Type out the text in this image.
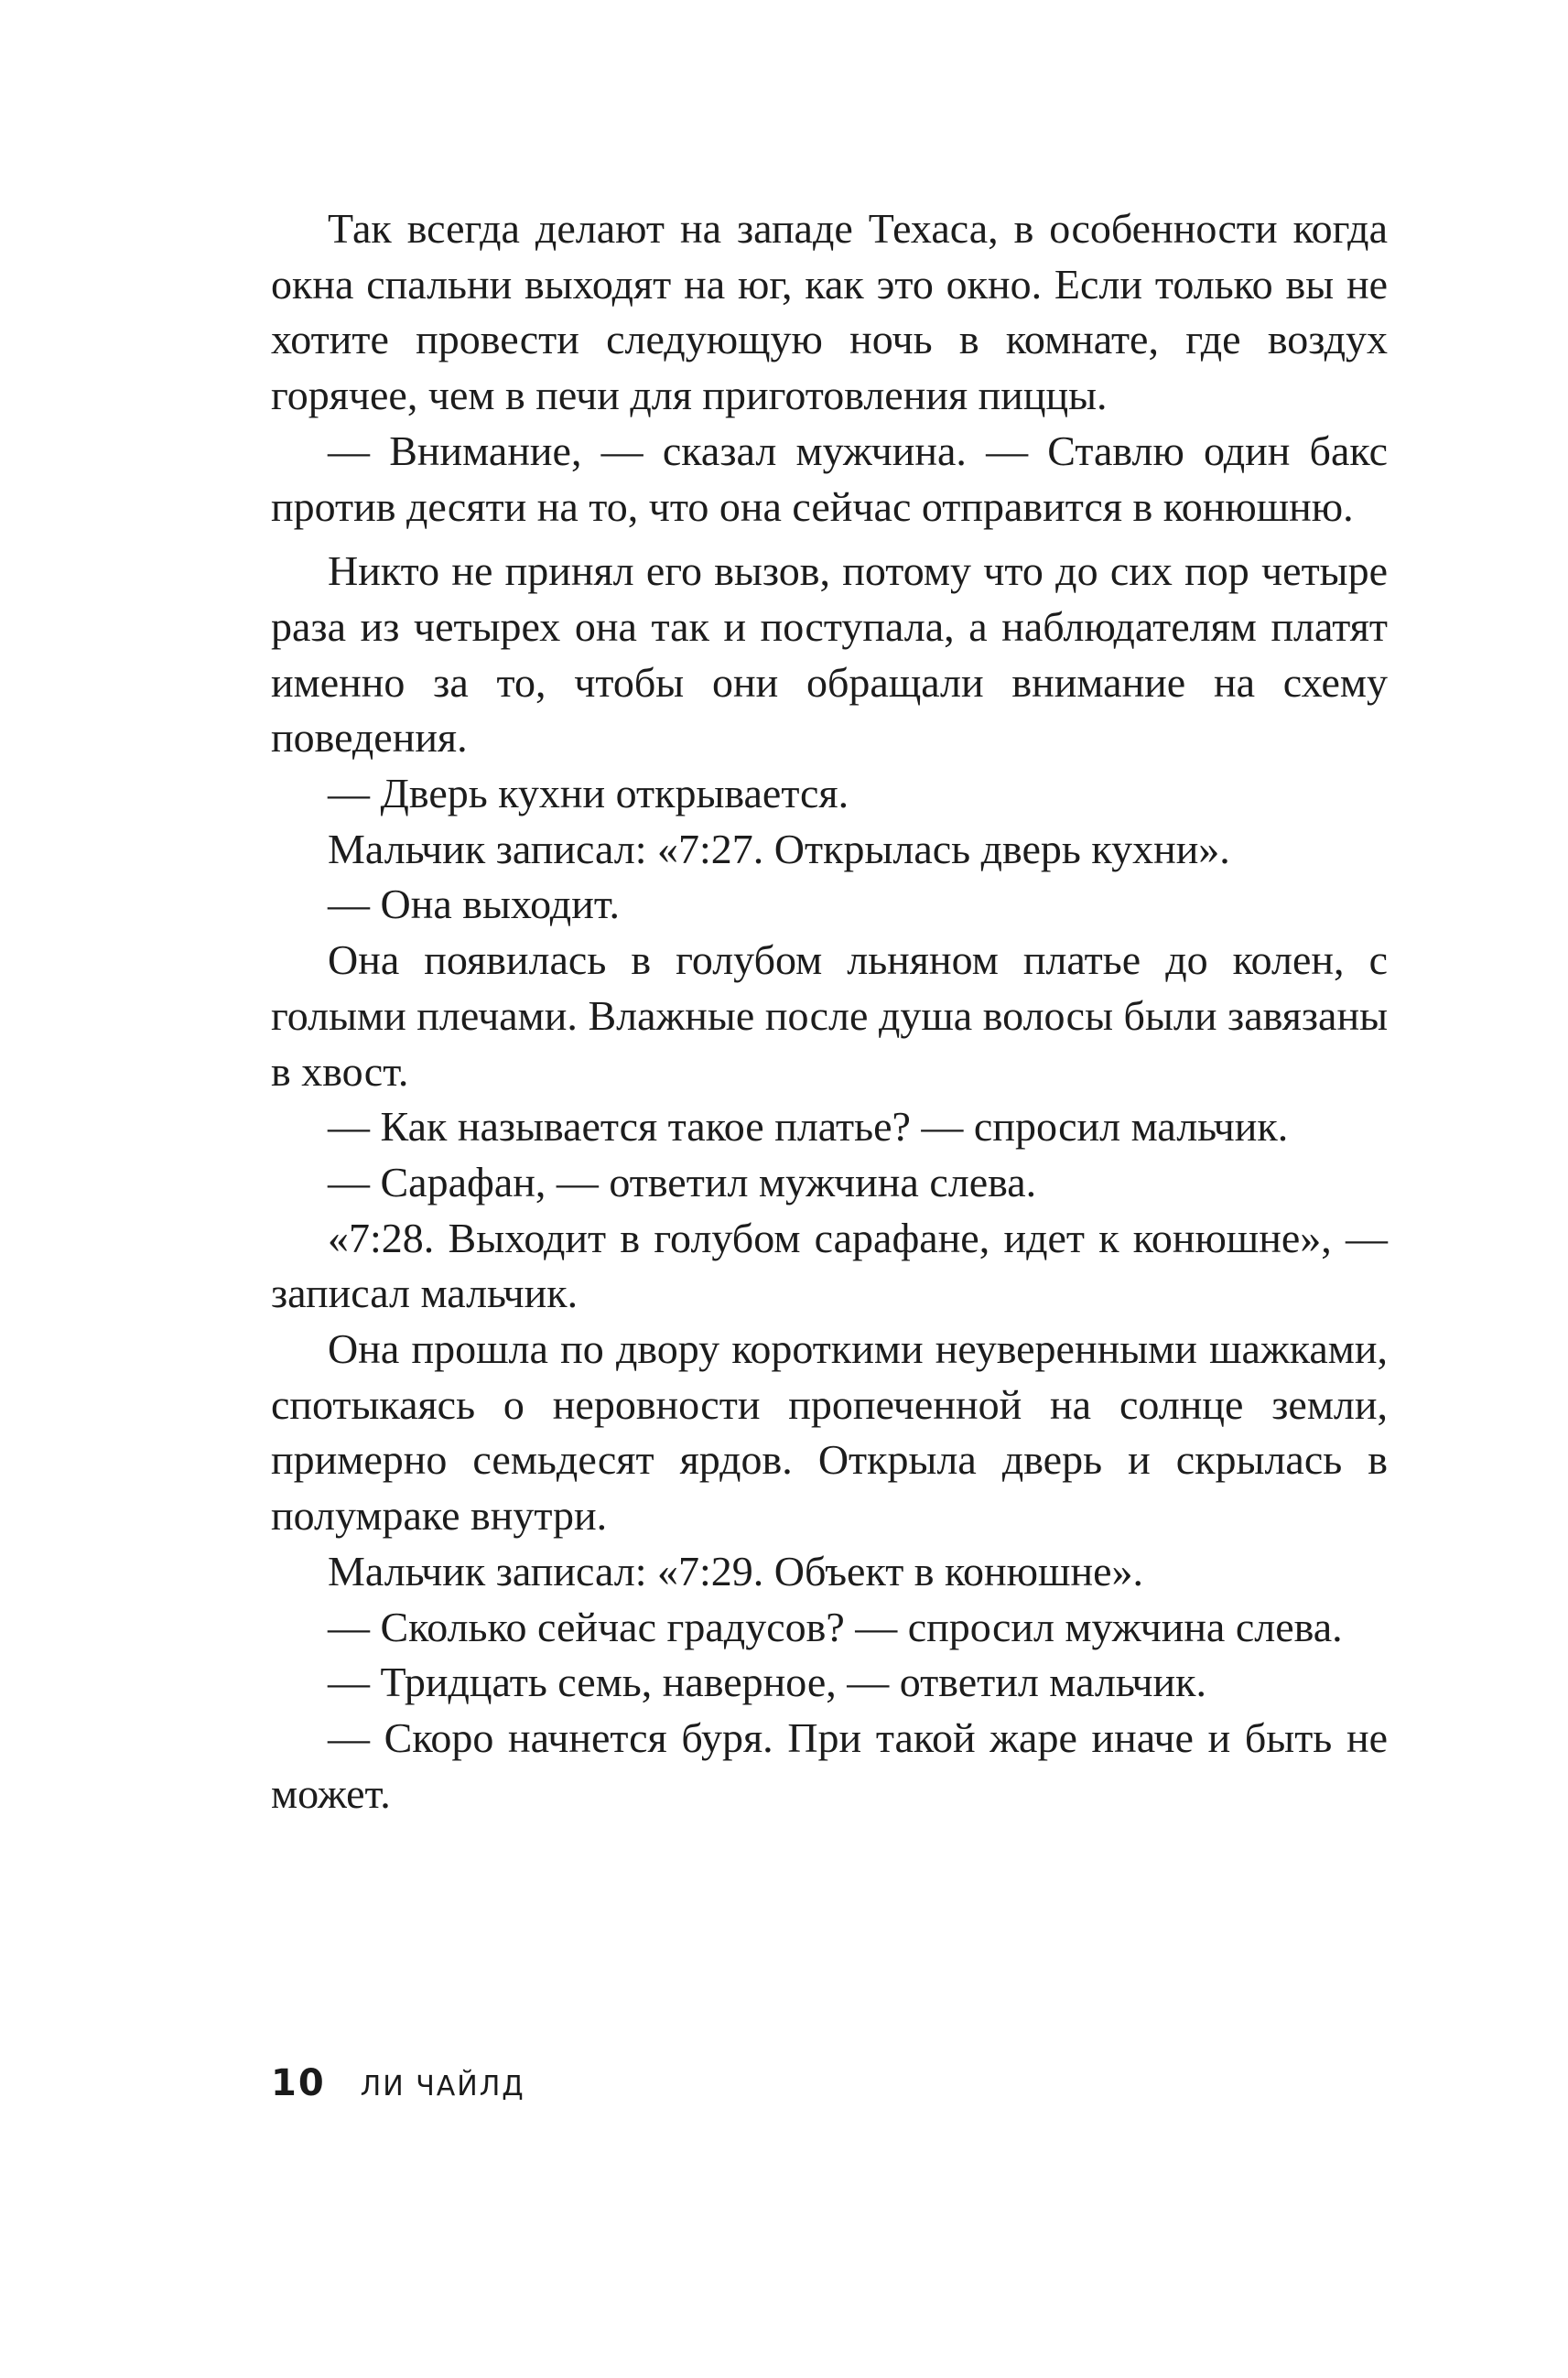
Так всегда делают на западе Техаса, в особенности когда окна спальни выходят на юг, как это окно. Если только вы не хотите провести следующую ночь в комнате, где воздух горячее, чем в печи для приготовления пиццы.

— Внимание, — сказал мужчина. — Ставлю один бакс против десяти на то, что она сейчас отправится в конюшню.

Никто не принял его вызов, потому что до сих пор четыре раза из четырех она так и поступала, а наблюдателям платят именно за то, чтобы они обращали внимание на схему поведения.

— Дверь кухни открывается.

Мальчик записал: «7:27. Открылась дверь кухни».

— Она выходит.

Она появилась в голубом льняном платье до колен, с голыми плечами. Влажные после душа волосы были завязаны в хвост.

— Как называется такое платье? — спросил мальчик.

— Сарафан, — ответил мужчина слева.

«7:28. Выходит в голубом сарафане, идет к конюшне», — записал мальчик.

Она прошла по двору короткими неуверенными шажками, спотыкаясь о неровности пропеченной на солнце земли, примерно семьдесят ярдов. Открыла дверь и скрылась в полумраке внутри.

Мальчик записал: «7:29. Объект в конюшне».

— Сколько сейчас градусов? — спросил мужчина слева.

— Тридцать семь, наверное, — ответил мальчик.

— Скоро начнется буря. При такой жаре иначе и быть не может.

10 ЛИ ЧАЙЛД
